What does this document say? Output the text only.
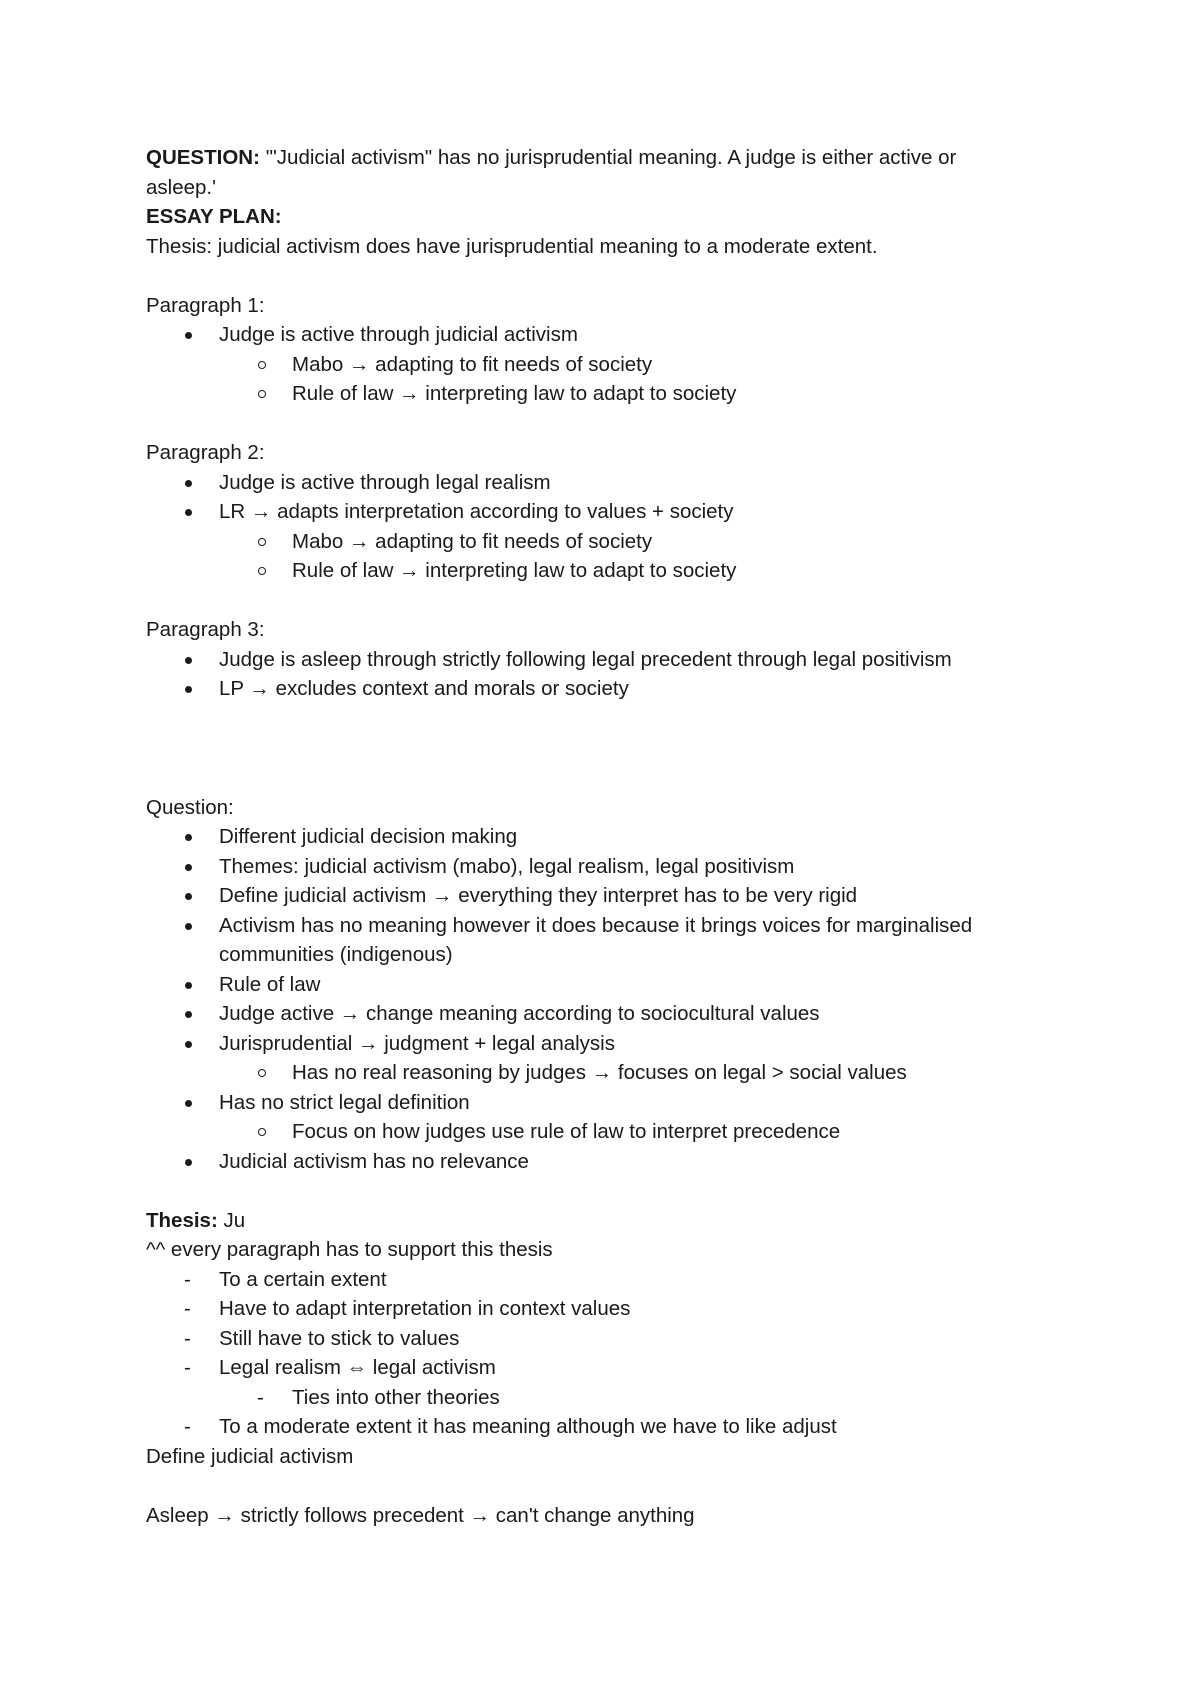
QUESTION: '"Judicial activism" has no jurisprudential meaning. A judge is either active or

asleep.'

ESSAY PLAN:

Thesis: judicial activism does have jurisprudential meaning to a moderate extent.

Paragraph 1:

Judge is active through judicial activism
Mabo → adapting to fit needs of society
Rule of law → interpreting law to adapt to society

Paragraph 2:

Judge is active through legal realism
LR → adapts interpretation according to values + society
Mabo → adapting to fit needs of society
Rule of law → interpreting law to adapt to society

Paragraph 3:

Judge is asleep through strictly following legal precedent through legal positivism
LP → excludes context and morals or society

Question:

Different judicial decision making
Themes: judicial activism (mabo), legal realism, legal positivism
Define judicial activism → everything they interpret has to be very rigid
Activism has no meaning however it does because it brings voices for marginalised communities (indigenous)
Rule of law
Judge active → change meaning according to sociocultural values
Jurisprudential → judgment + legal analysis
Has no real reasoning by judges → focuses on legal > social values
Has no strict legal definition
Focus on how judges use rule of law to interpret precedence
Judicial activism has no relevance

Thesis: Ju

^^ every paragraph has to support this thesis

- To a certain extent
- Have to adapt interpretation in context values
- Still have to stick to values
- Legal realism ⇔ legal activism
- Ties into other theories
- To a moderate extent it has meaning although we have to like adjust

Define judicial activism

Asleep → strictly follows precedent → can't change anything
